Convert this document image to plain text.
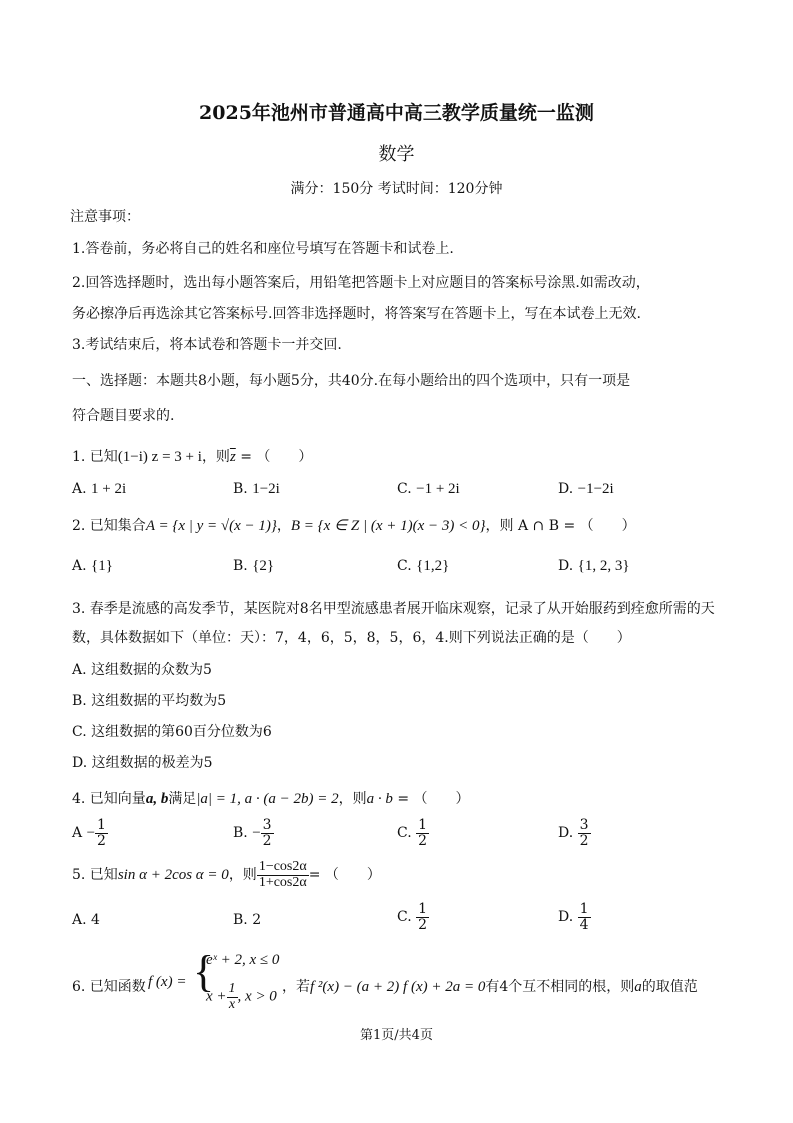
2025年池州市普通高中高三教学质量统一监测
数学
满分：150分 考试时间：120分钟
注意事项：
1.答卷前，务必将自己的姓名和座位号填写在答题卡和试卷上.
2.回答选择题时，选出每小题答案后，用铅笔把答题卡上对应题目的答案标号涂黑.如需改动，
务必擦净后再选涂其它答案标号.回答非选择题时，将答案写在答题卡上，写在本试卷上无效.
3.考试结束后，将本试卷和答题卡一并交回.
一、选择题：本题共8小题，每小题5分，共40分.在每小题给出的四个选项中，只有一项是
符合题目要求的.
1. 已知(1−i) z = 3 + i，则$\overline{z}$ = （　　）
A. 1 + 2i	B. 1−2i	C. −1 + 2i	D. −1−2i
2. 已知集合A = {x | y = √(x − 1)}，B = {x ∈ Z | (x + 1)(x − 3) < 0}，则 A ∩ B = （　　）
A. {1}	B. {2}	C. {1,2}	D. {1, 2, 3}
3. 春季是流感的高发季节，某医院对8名甲型流感患者展开临床观察，记录了从开始服药到痊愈所需的天
数，具体数据如下（单位：天）：7，4，6，5，8，5，6，4.则下列说法正确的是（　　）
A. 这组数据的众数为5
B. 这组数据的平均数为5
C. 这组数据的第60百分位数为6
D. 这组数据的极差为5
4. 已知向量a, b满足|a| = 1, a · (a − 2b) = 2，则a · b = （　　）
$A - \frac{1}{2}$	B. − $\frac{3}{2}$	C. $\frac{1}{2}$	D. $\frac{3}{2}$
5. 已知sin α + 2cos α = 0，则 $\frac{1-\cos 2\alpha}{1+\cos 2\alpha}$ = （　　）
A. 4	B. 2	C. $\frac{1}{2}$	D. $\frac{1}{4}$
6. 已知函数 f (x) = {
eˣ + 2, x ≤ 0
$x + \frac{1}{x}$ , x > 0
，若f ²(x) − (a + 2) f (x) + 2a = 0有4个互不相同的根，则a的取值范
第1页/共4页
